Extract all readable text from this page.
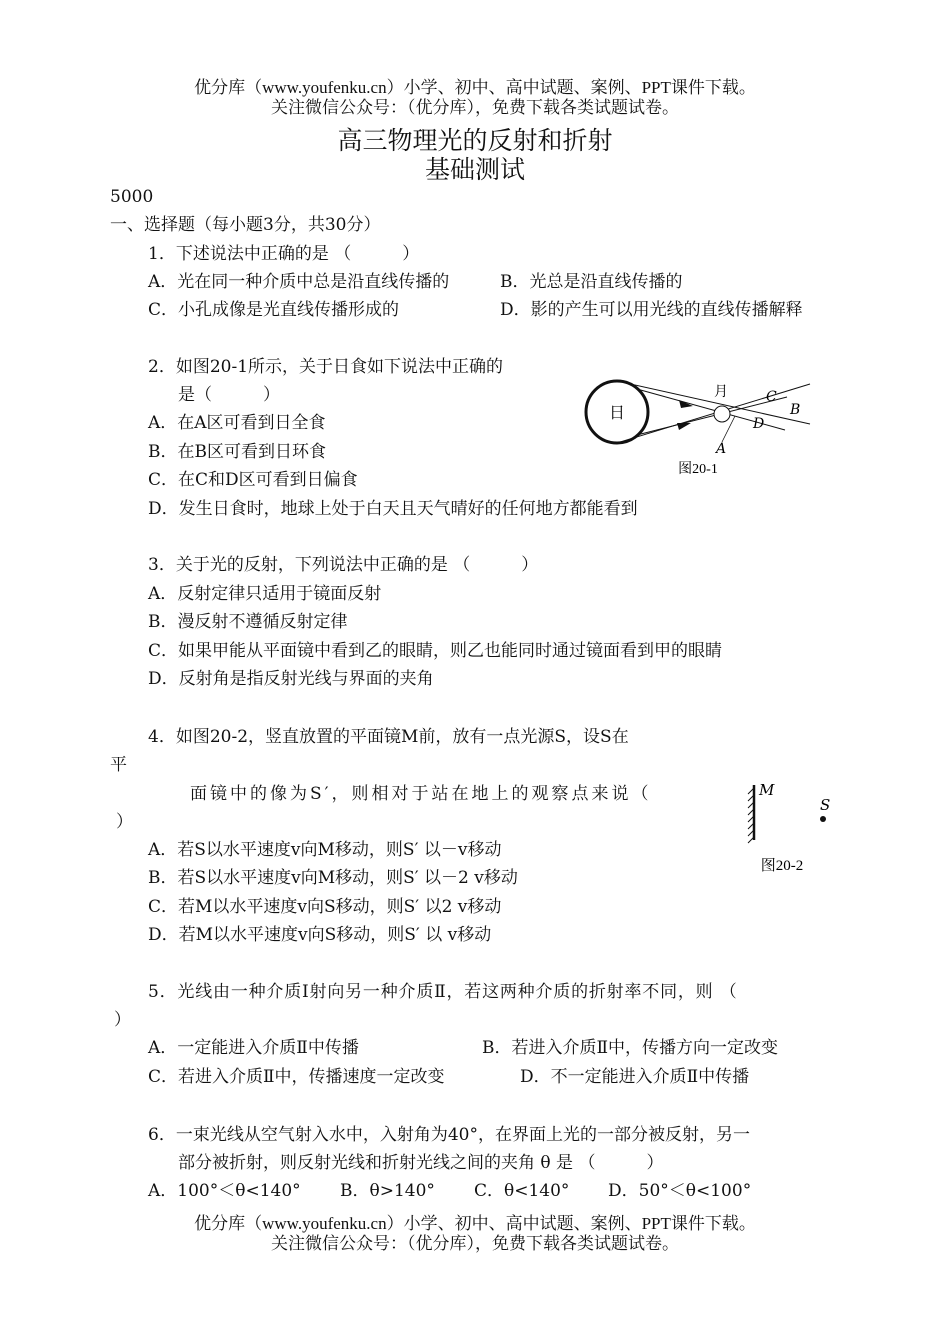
优分库（www.youfenku.cn）小学、初中、高中试题、案例、PPT课件下载。
关注微信公众号：（优分库），免费下载各类试题试卷。
高三物理光的反射和折射
基础测试
5000
一、选择题（每小题3分，共30分）
1．下述说法中正确的是 （　　　）
A．光在同一种介质中总是沿直线传播的	B．光总是沿直线传播的
C．小孔成像是光直线传播形成的	D．影的产生可以用光线的直线传播解释
2．如图20-1所示，关于日食如下说法中正确的
是（　　　）
A．在A区可看到日全食
B．在B区可看到日环食
C．在C和D区可看到日偏食
D．发生日食时，地球上处于白天且天气晴好的任何地方都能看到
日
月	C
B
D
A
图20-1
3．关于光的反射，下列说法中正确的是 （　　　）
A．反射定律只适用于镜面反射
B．漫反射不遵循反射定律
C．如果甲能从平面镜中看到乙的眼睛，则乙也能同时通过镜面看到甲的眼睛
D．反射角是指反射光线与界面的夹角
4．如图20-2，竖直放置的平面镜M前，放有一点光源S，设S在
平
面镜中的像为S′，则相对于站在地上的观察点来说（
）
A．若S以水平速度v向M移动，则S′ 以－v移动
B．若S以水平速度v向M移动，则S′ 以－2 v移动
C．若M以水平速度v向S移动，则S′ 以2 v移动
D．若M以水平速度v向S移动，则S′ 以 v移动
M
S
图20-2
5．光线由一种介质Ⅰ射向另一种介质Ⅱ，若这两种介质的折射率不同，则 （
）
A．一定能进入介质Ⅱ中传播	B．若进入介质Ⅱ中，传播方向一定改变
C．若进入介质Ⅱ中，传播速度一定改变	D．不一定能进入介质Ⅱ中传播
6．一束光线从空气射入水中，入射角为40°，在界面上光的一部分被反射，另一
部分被折射，则反射光线和折射光线之间的夹角 θ 是 （　　　）
A．100°＜θ<140° B．θ>140° C．θ<140° D．50°＜θ<100°
优分库（www.youfenku.cn）小学、初中、高中试题、案例、PPT课件下载。
关注微信公众号：（优分库），免费下载各类试题试卷。
